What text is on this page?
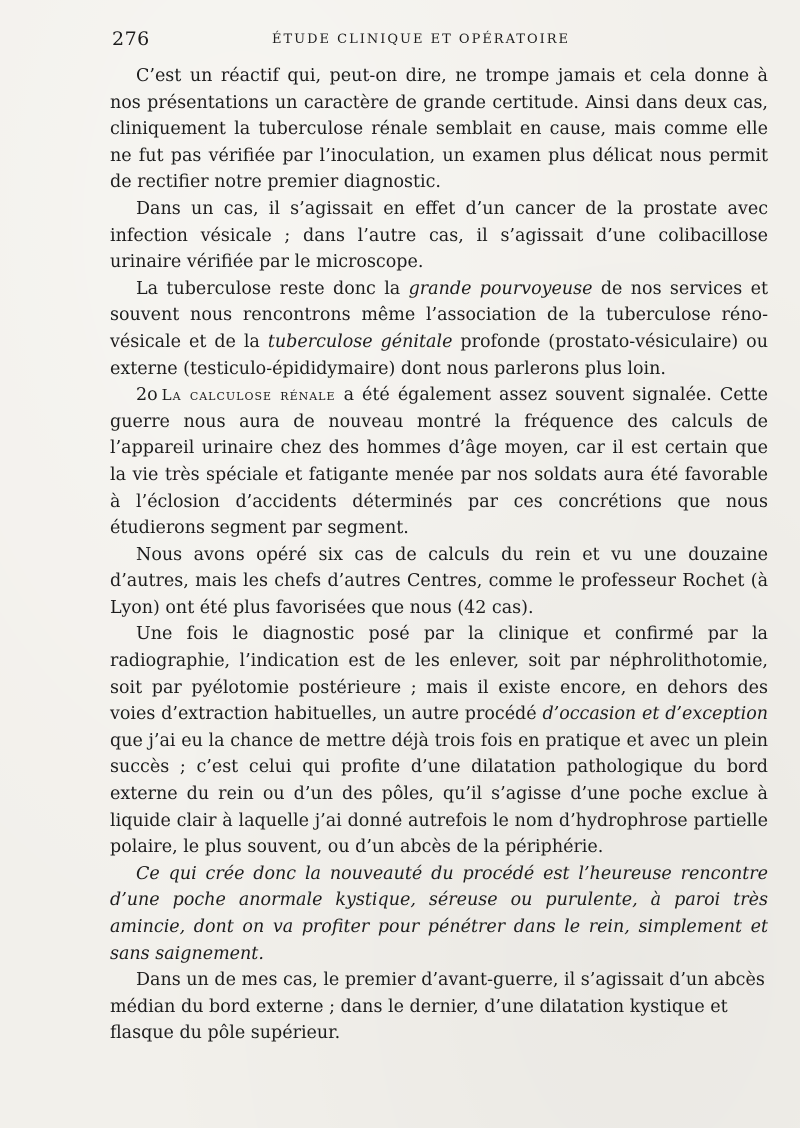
276	ÉTUDE CLINIQUE ET OPÉRATOIRE

C’est un réactif qui, peut-on dire, ne trompe jamais et cela donne à nos présentations un caractère de grande certitude. Ainsi dans deux cas, cliniquement la tuberculose rénale semblait en cause, mais comme elle ne fut pas vérifiée par l’inoculation, un examen plus délicat nous permit de rectifier notre premier diagnostic.

Dans un cas, il s’agissait en effet d’un cancer de la prostate avec infection vésicale ; dans l’autre cas, il s’agissait d’une colibacillose urinaire vérifiée par le microscope.

La tuberculose reste donc la grande pourvoyeuse de nos services et souvent nous rencontrons même l’association de la tuberculose réno-vésicale et de la tuberculose génitale profonde (prostato-vésiculaire) ou externe (testiculo-épididymaire) dont nous parlerons plus loin.

2o La calculose rénale a été également assez souvent signalée. Cette guerre nous aura de nouveau montré la fréquence des calculs de l’appareil urinaire chez des hommes d’âge moyen, car il est certain que la vie très spéciale et fatigante menée par nos soldats aura été favorable à l’éclosion d’accidents déterminés par ces concrétions que nous étudierons segment par segment.

Nous avons opéré six cas de calculs du rein et vu une douzaine d’autres, mais les chefs d’autres Centres, comme le professeur Rochet (à Lyon) ont été plus favorisées que nous (42 cas).

Une fois le diagnostic posé par la clinique et confirmé par la radiographie, l’indication est de les enlever, soit par néphrolithotomie, soit par pyélotomie postérieure ; mais il existe encore, en dehors des voies d’extraction habituelles, un autre procédé d’occasion et d’exception que j’ai eu la chance de mettre déjà trois fois en pratique et avec un plein succès ; c’est celui qui profite d’une dilatation pathologique du bord externe du rein ou d’un des pôles, qu’il s’agisse d’une poche exclue à liquide clair à laquelle j’ai donné autrefois le nom d’hydrophrose partielle polaire, le plus souvent, ou d’un abcès de la périphérie.

Ce qui crée donc la nouveauté du procédé est l’heureuse rencontre d’une poche anormale kystique, séreuse ou purulente, à paroi très amincie, dont on va profiter pour pénétrer dans le rein, simplement et sans saignement.

Dans un de mes cas, le premier d’avant-guerre, il s’agissait d’un abcès médian du bord externe ; dans le dernier, d’une dilatation kystique et flasque du pôle supérieur.
